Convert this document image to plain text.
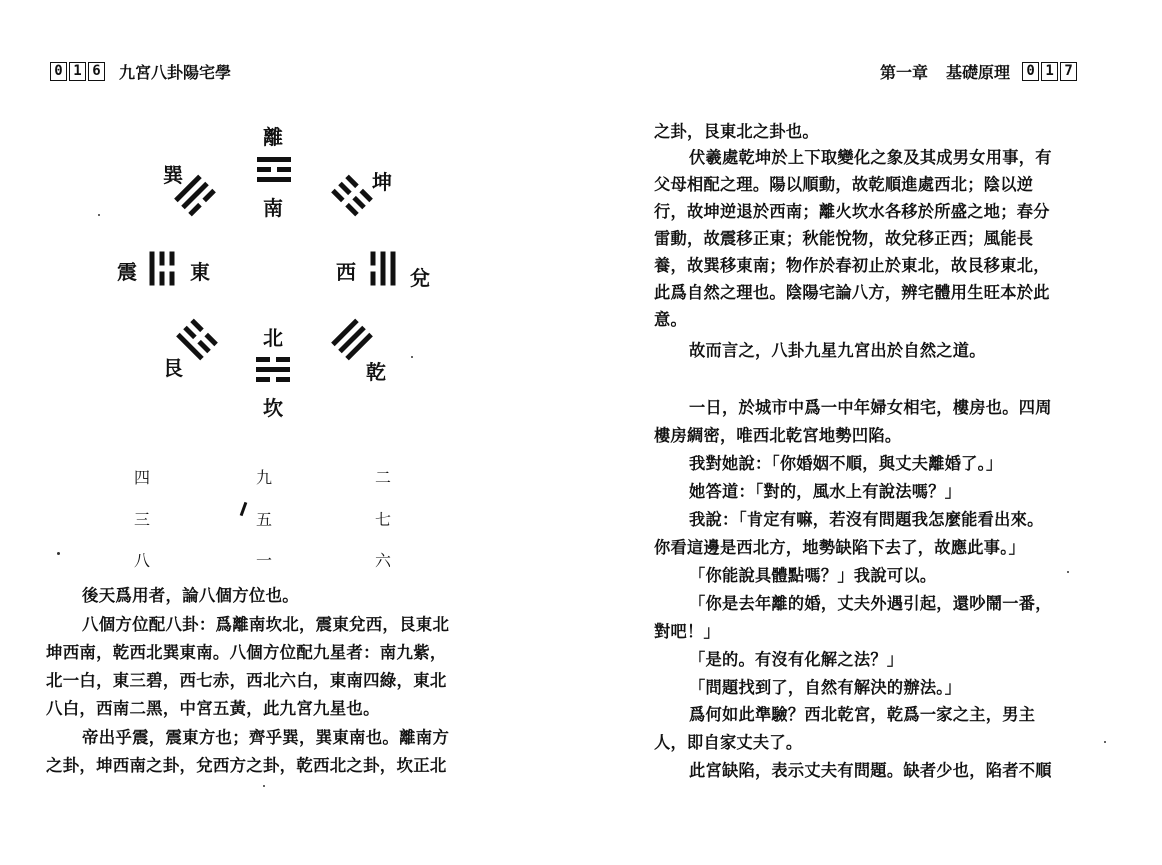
0 1 6 九宮八卦陽宅學
離
南
北
坎
震	東	西	兌
巽	坤
艮	乾
四	九	二
三	五	七
八	一	六
後天爲用者，論八個方位也。
八個方位配八卦：爲離南坎北，震東兌西，艮東北
坤西南，乾西北巽東南。八個方位配九星者：南九紫，
北一白，東三碧，西七赤，西北六白，東南四綠，東北
八白，西南二黑，中宮五黃，此九宮九星也。
帝出乎震，震東方也；齊乎巽，巽東南也。離南方
之卦，坤西南之卦，兌西方之卦，乾西北之卦，坎正北
第一章 基礎原理	0 1 7
之卦，艮東北之卦也。
伏羲處乾坤於上下取變化之象及其成男女用事，有
父母相配之理。陽以順動，故乾順進處西北；陰以逆
行，故坤逆退於西南；離火坎水各移於所盛之地；春分
雷動，故震移正東；秋能悅物，故兌移正西；風能長
養，故巽移東南；物作於春初止於東北，故艮移東北，
此爲自然之理也。陰陽宅論八方，辨宅體用生旺本於此
意。
故而言之，八卦九星九宮出於自然之道。
一日，於城市中爲一中年婦女相宅，樓房也。四周
樓房綢密，唯西北乾宮地勢凹陷。
我對她說：「你婚姻不順，與丈夫離婚了。」
她答道：「對的，風水上有說法嗎？」
我說：「肯定有嘛，若沒有問題我怎麼能看出來。
你看這邊是西北方，地勢缺陷下去了，故應此事。」
「你能說具體點嗎？」我說可以。
「你是去年離的婚，丈夫外遇引起，還吵鬧一番，
對吧！」
「是的。有沒有化解之法？」
「問題找到了，自然有解決的辦法。」
爲何如此準驗？西北乾宮，乾爲一家之主，男主
人，即自家丈夫了。
此宮缺陷，表示丈夫有問題。缺者少也，陷者不順
